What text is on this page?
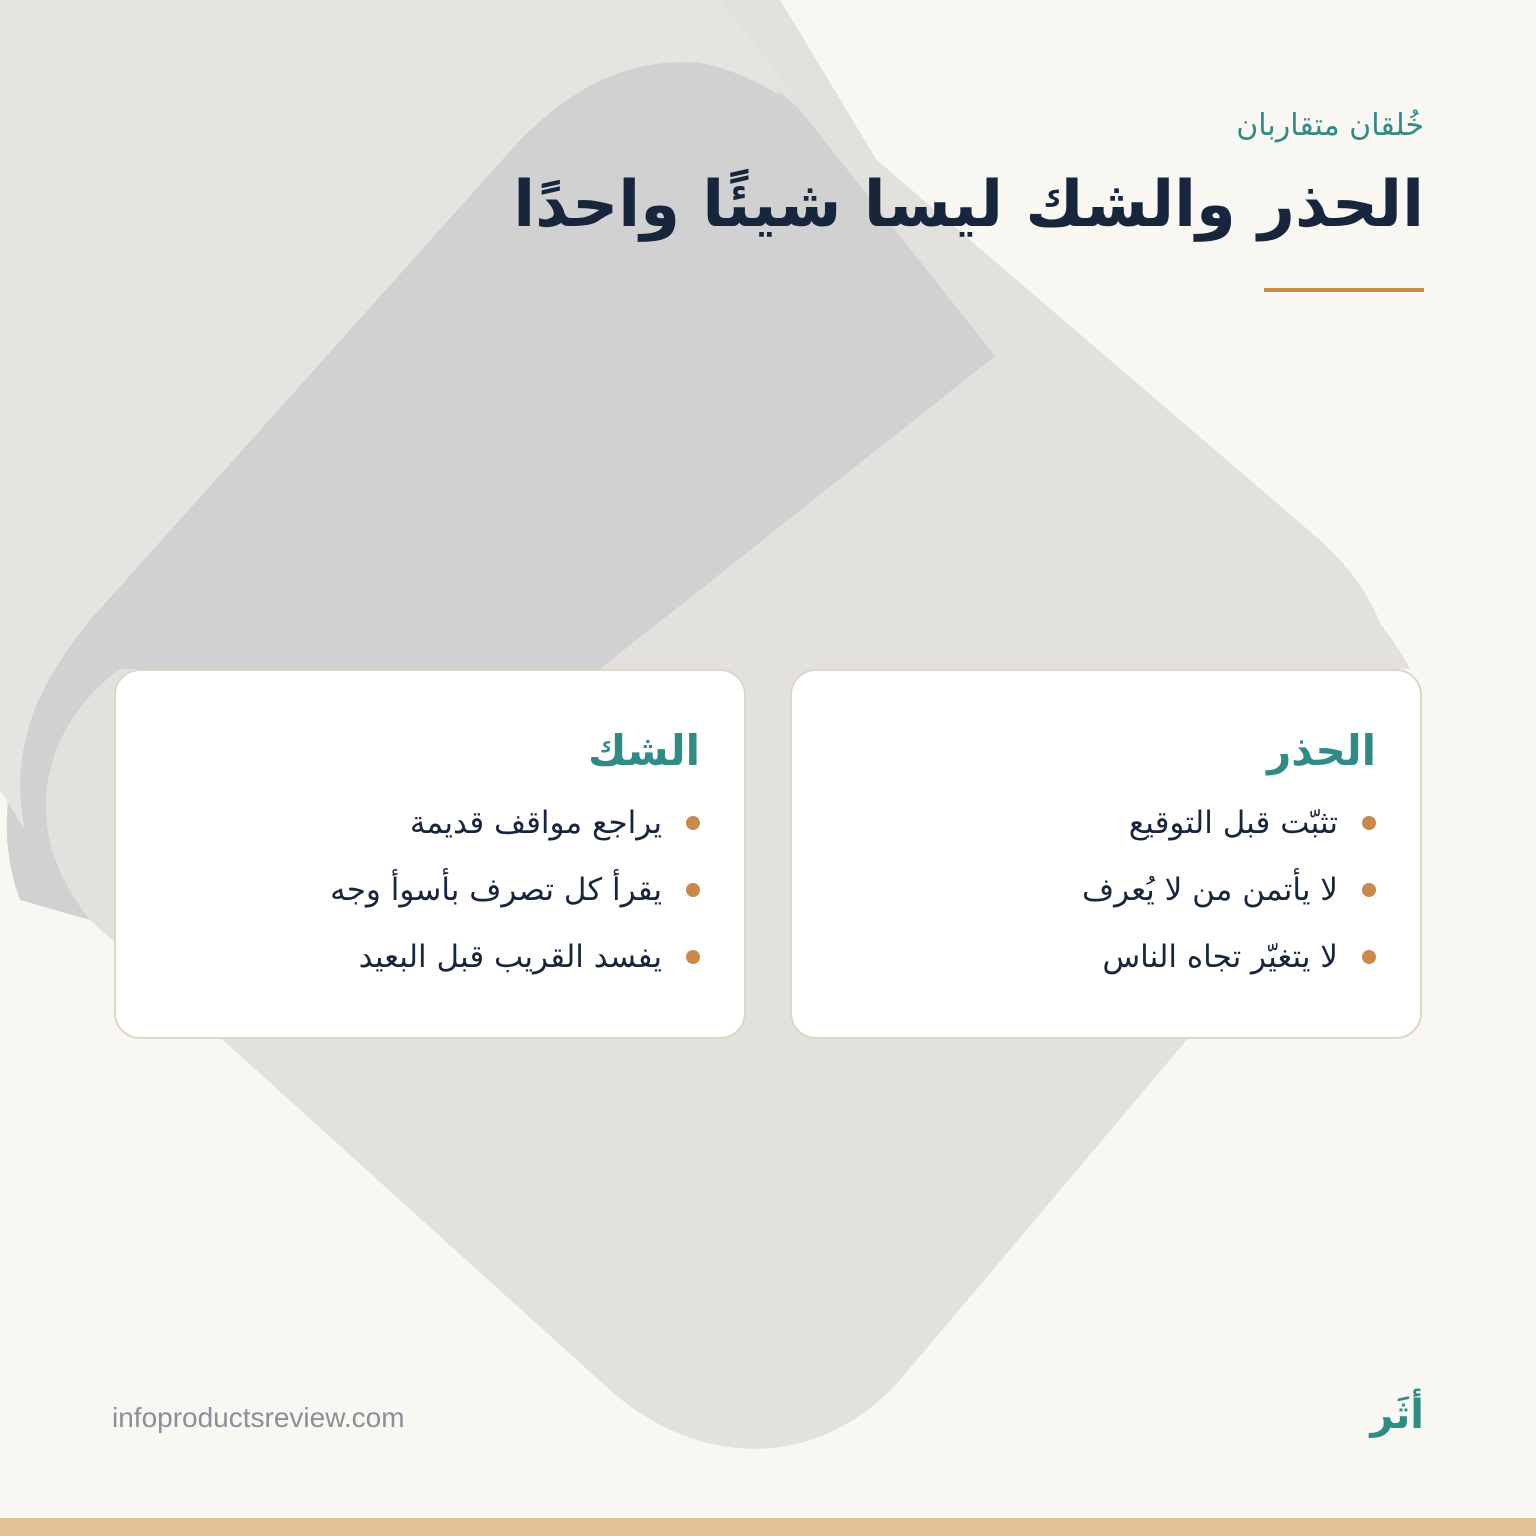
خُلقان متقاربان
الحذر والشك ليسا شيئًا واحدًا
الحذر
تثبّت قبل التوقيع
لا يأتمن من لا يُعرف
لا يتغيّر تجاه الناس
الشك
يراجع مواقف قديمة
يقرأ كل تصرف بأسوأ وجه
يفسد القريب قبل البعيد
infoproductsreview.com	أثَر
